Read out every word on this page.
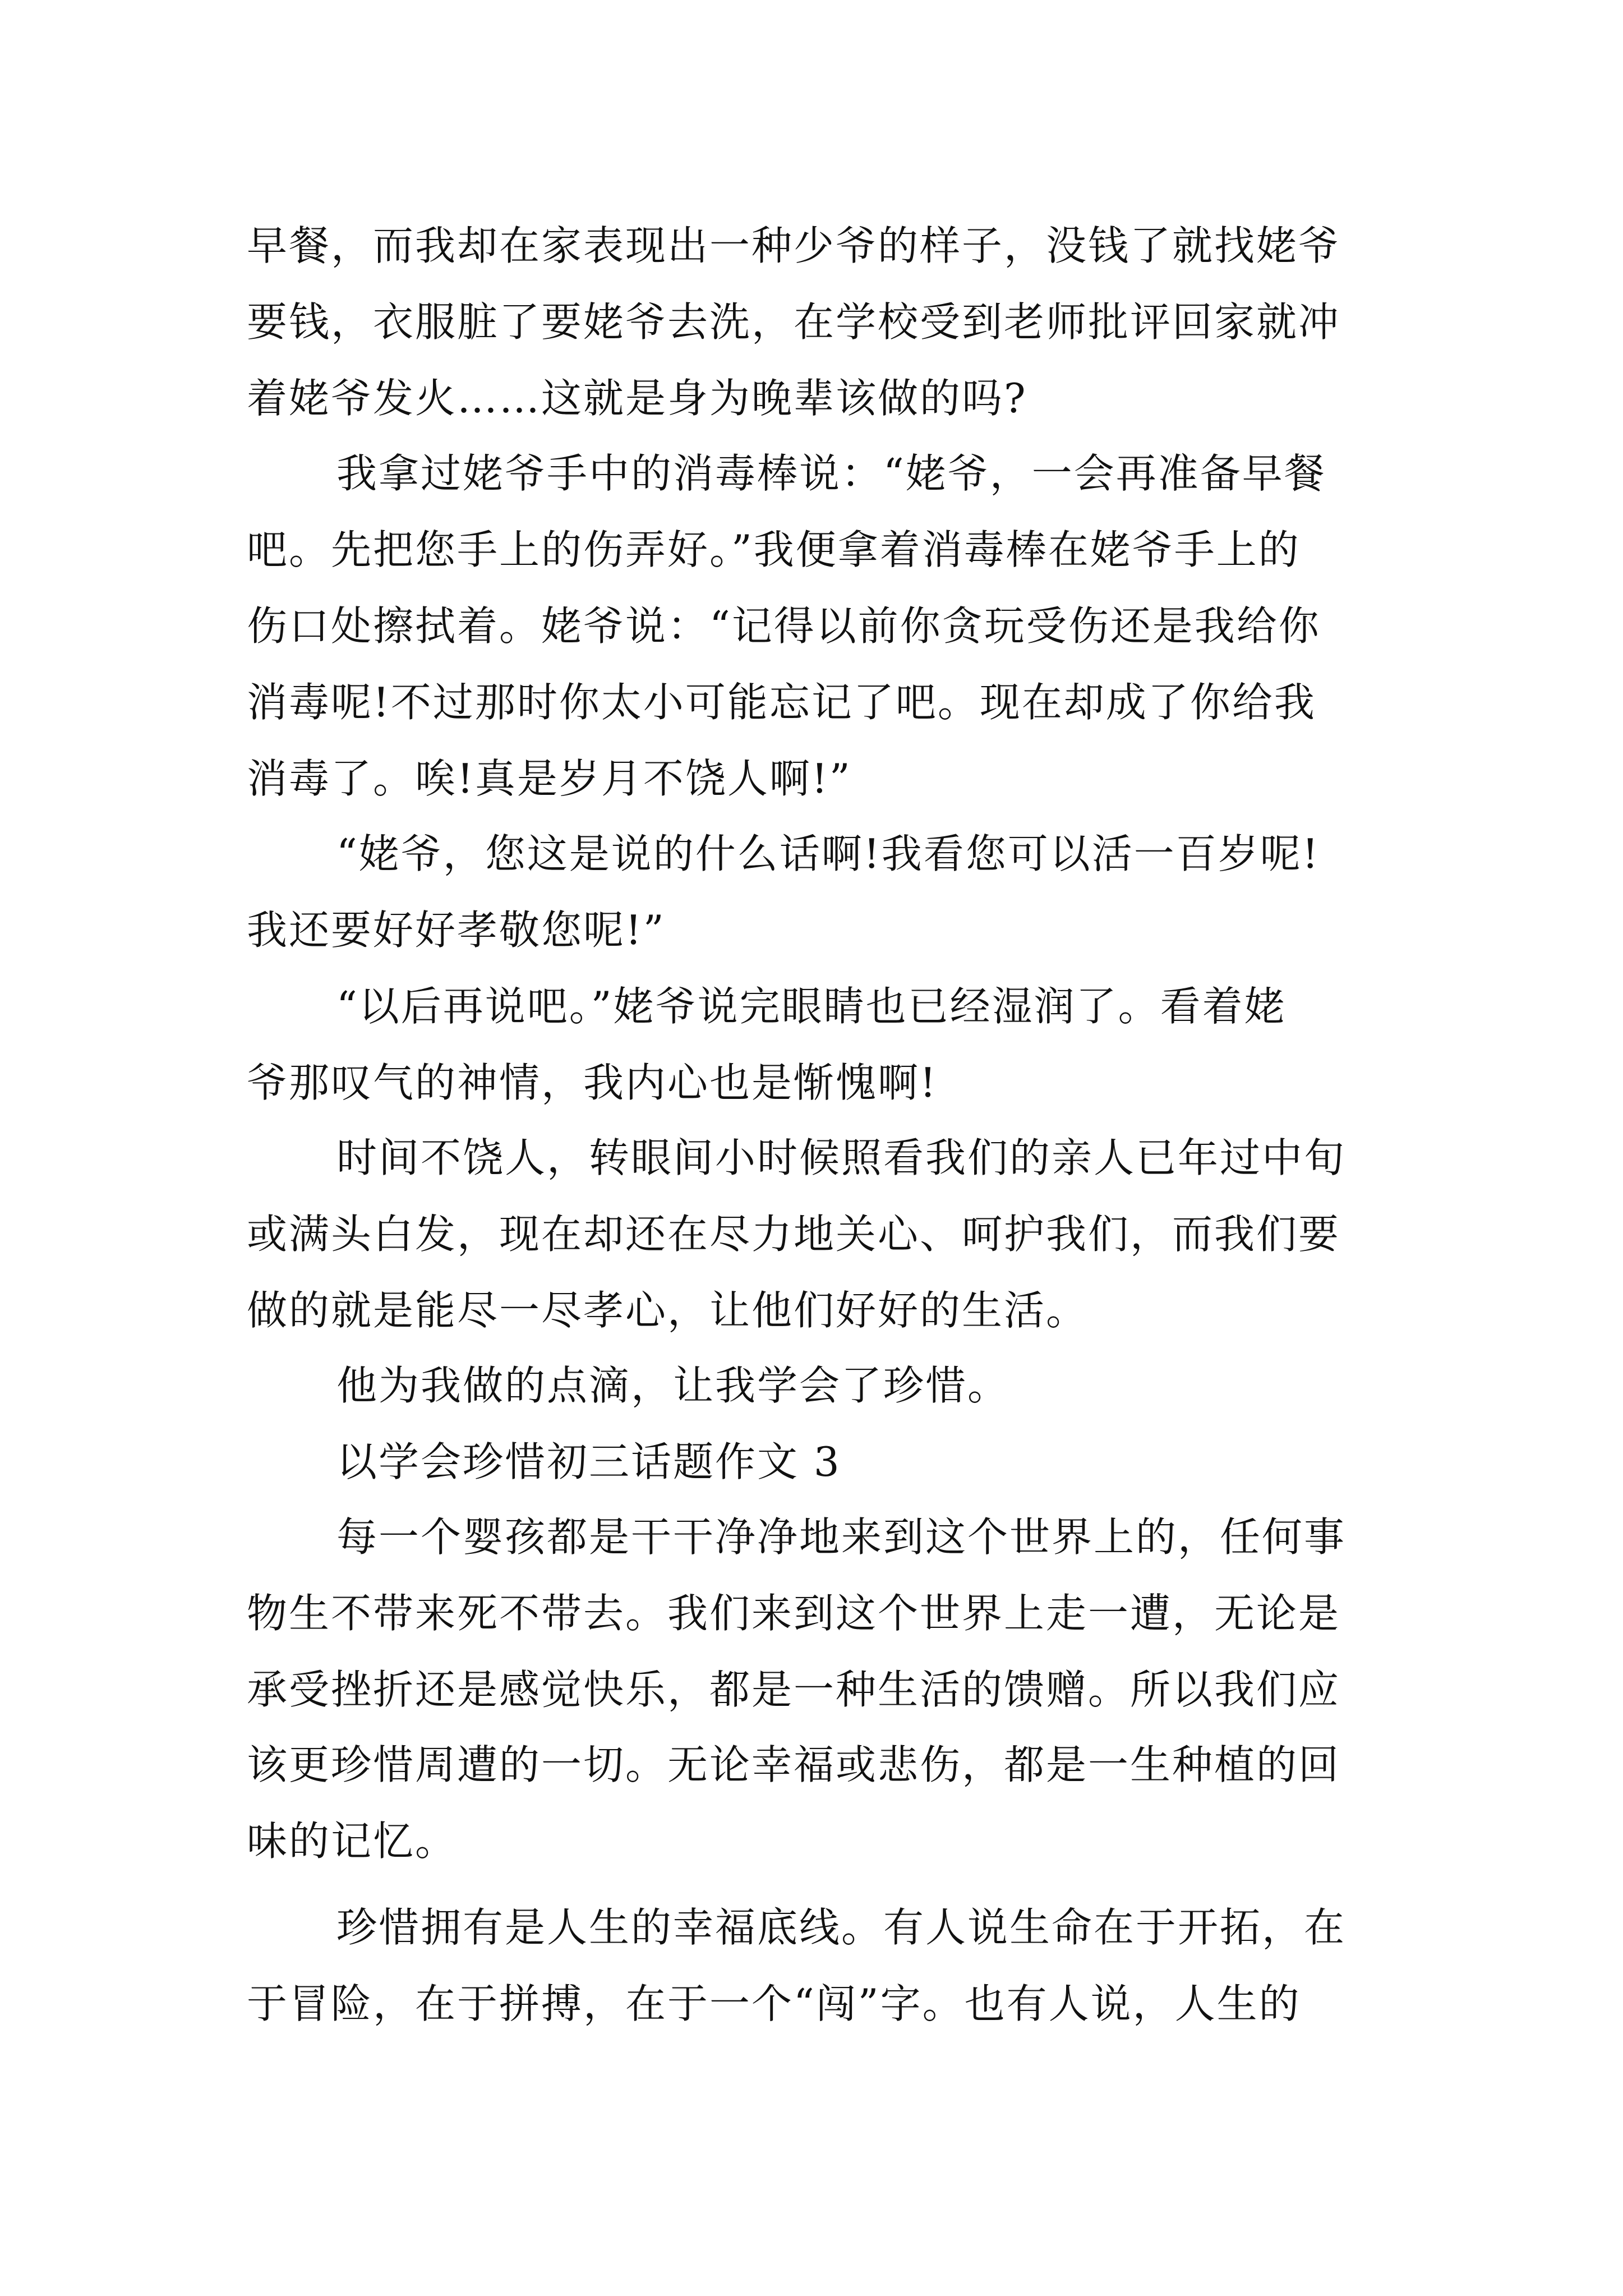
早餐，而我却在家表现出一种少爷的样子，没钱了就找姥爷
要钱，衣服脏了要姥爷去洗，在学校受到老师批评回家就冲
着姥爷发火……这就是身为晚辈该做的吗?
我拿过姥爷手中的消毒棒说：“姥爷，一会再准备早餐
吧。先把您手上的伤弄好。”我便拿着消毒棒在姥爷手上的
伤口处擦拭着。姥爷说：“记得以前你贪玩受伤还是我给你
消毒呢!不过那时你太小可能忘记了吧。现在却成了你给我
消毒了。唉!真是岁月不饶人啊!”
“姥爷，您这是说的什么话啊!我看您可以活一百岁呢!
我还要好好孝敬您呢!”
“以后再说吧。”姥爷说完眼睛也已经湿润了。看着姥
爷那叹气的神情，我内心也是惭愧啊!
时间不饶人，转眼间小时候照看我们的亲人已年过中旬
或满头白发，现在却还在尽力地关心、呵护我们，而我们要
做的就是能尽一尽孝心，让他们好好的生活。
他为我做的点滴，让我学会了珍惜。
以学会珍惜初三话题作文 3
每一个婴孩都是干干净净地来到这个世界上的，任何事
物生不带来死不带去。我们来到这个世界上走一遭，无论是
承受挫折还是感觉快乐，都是一种生活的馈赠。所以我们应
该更珍惜周遭的一切。无论幸福或悲伤，都是一生种植的回
味的记忆。
珍惜拥有是人生的幸福底线。有人说生命在于开拓，在
于冒险，在于拼搏，在于一个“闯”字。也有人说，人生的
